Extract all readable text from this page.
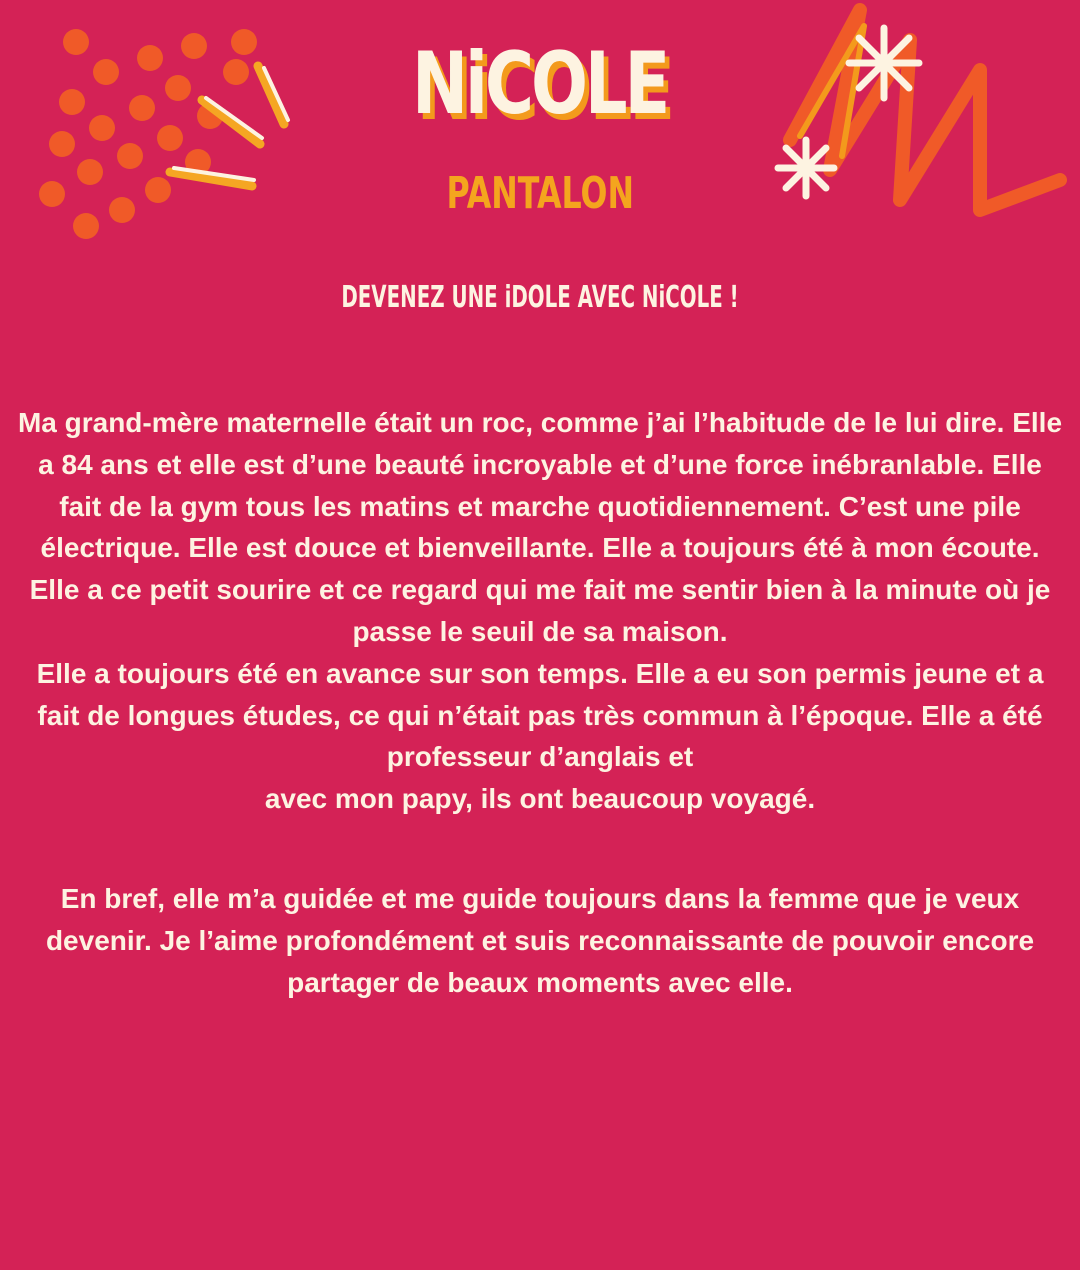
NiCOLE
PANTALON
DEVENEZ UNE iDOLE AVEC NiCOLE !

Ma grand-mère maternelle était un roc, comme j’ai l’habitude de le lui dire. Elle a 84 ans et elle est d’une beauté incroyable et d’une force inébranlable. Elle fait de la gym tous les matins et marche quotidiennement. C’est une pile électrique. Elle est douce et bienveillante. Elle a toujours été à mon écoute. Elle a ce petit sourire et ce regard qui me fait me sentir bien à la minute où je passe le seuil de sa maison.

Elle a toujours été en avance sur son temps. Elle a eu son permis jeune et a fait de longues études, ce qui n’était pas très commun à l’époque. Elle a été professeur d’anglais et

avec mon papy, ils ont beaucoup voyagé.

En bref, elle m’a guidée et me guide toujours dans la femme que je veux devenir. Je l’aime profondément et suis reconnaissante de pouvoir encore partager de beaux moments avec elle.
